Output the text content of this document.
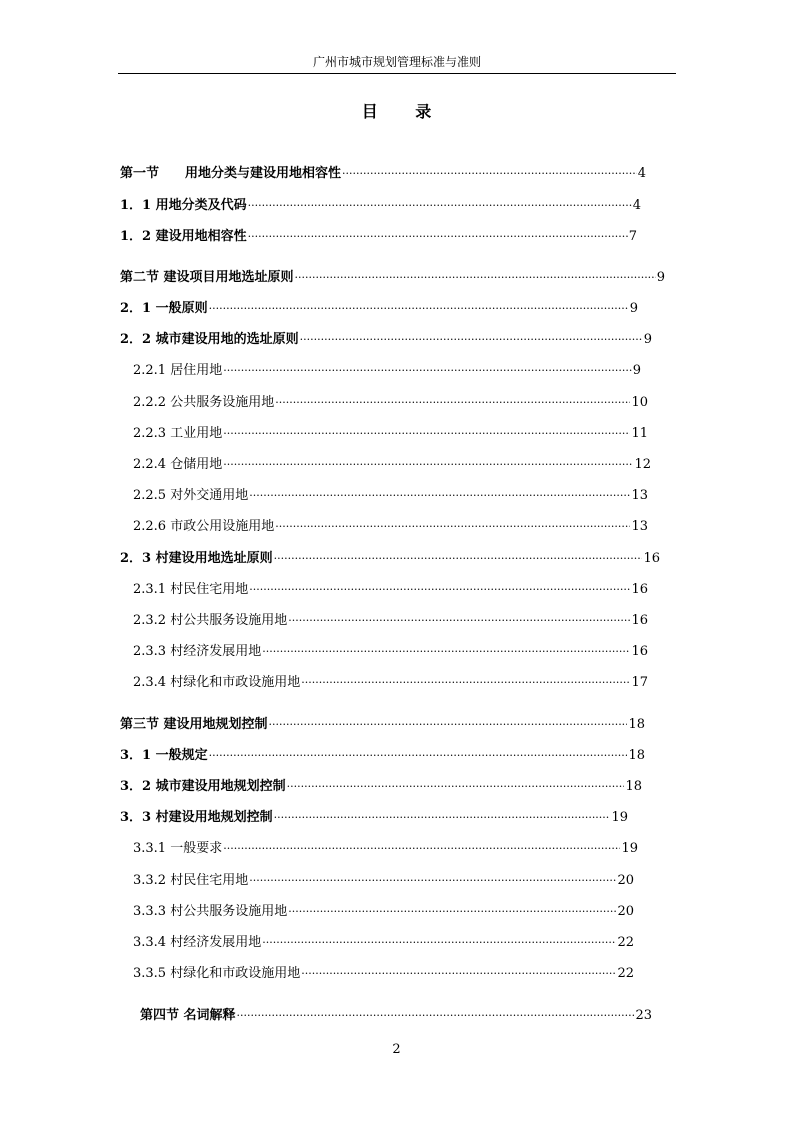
广州市城市规划管理标准与准则
目 录
第一节　　用地分类与建设用地相容性 ·····	4
1．1 用地分类及代码 ·····	4
1．2 建设用地相容性 ·····	7
第二节 建设项目用地选址原则 ·····	9
2．1 一般原则 ·····	9
2．2 城市建设用地的选址原则 ·····	9
2.2.1 居住用地 ·····	9
2.2.2 公共服务设施用地 ·····	10
2.2.3 工业用地 ·····	11
2.2.4 仓储用地 ·····	12
2.2.5 对外交通用地 ·····	13
2.2.6 市政公用设施用地 ·····	13
2．3 村建设用地选址原则 ·····	16
2.3.1 村民住宅用地 ·····	16
2.3.2 村公共服务设施用地 ·····	16
2.3.3 村经济发展用地 ·····	16
2.3.4 村绿化和市政设施用地 ·····	17
第三节 建设用地规划控制 ·····	18
3．1 一般规定 ·····	18
3．2 城市建设用地规划控制 ·····	18
3．3 村建设用地规划控制 ·····	19
3.3.1 一般要求 ·····	19
3.3.2 村民住宅用地 ·····	20
3.3.3 村公共服务设施用地 ·····	20
3.3.4 村经济发展用地 ·····	22
3.3.5 村绿化和市政设施用地 ·····	22
第四节 名词解释 ·····	23
2
